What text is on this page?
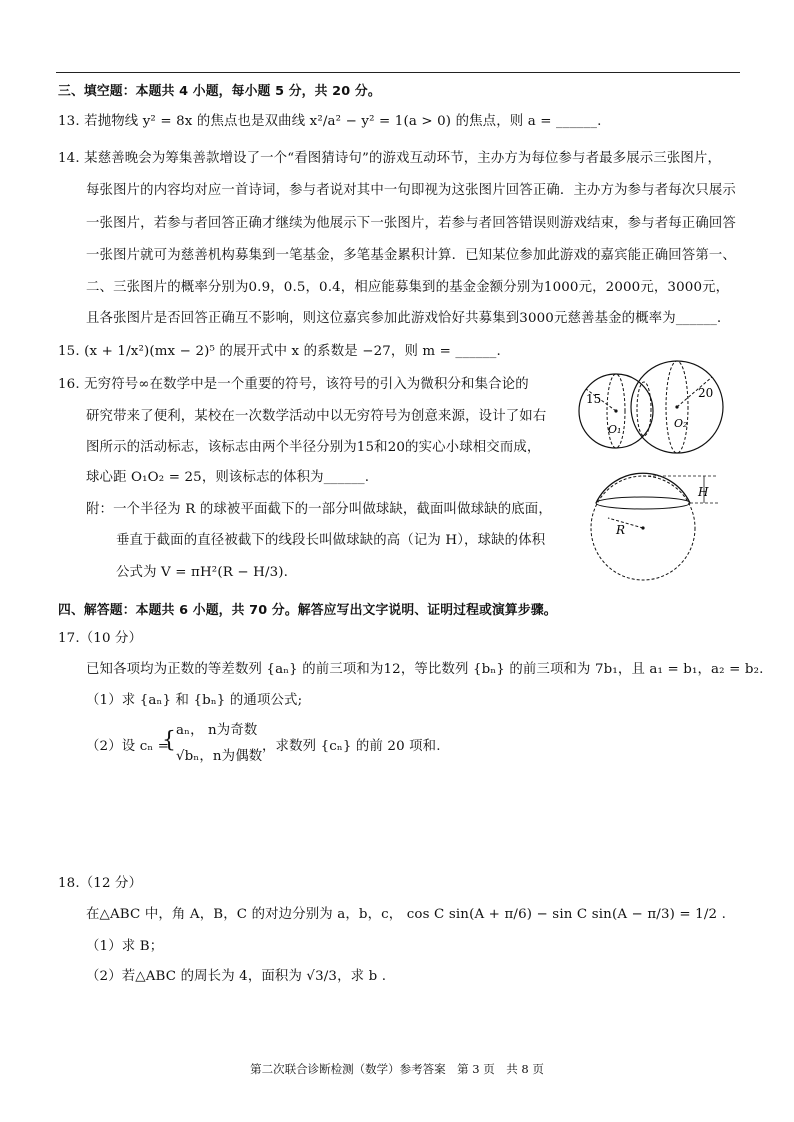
三、填空题：本题共 4 小题，每小题 5 分，共 20 分。
13. 若抛物线 y² = 8x 的焦点也是双曲线 x²/a² − y² = 1(a > 0) 的焦点，则 a = ______.
14. 某慈善晚会为筹集善款增设了一个“看图猜诗句”的游戏互动环节，主办方为每位参与者最多展示三张图片，
每张图片的内容均对应一首诗词，参与者说对其中一句即视为这张图片回答正确．主办方为参与者每次只展示
一张图片，若参与者回答正确才继续为他展示下一张图片，若参与者回答错误则游戏结束，参与者每正确回答
一张图片就可为慈善机构募集到一笔基金，多笔基金累积计算．已知某位参加此游戏的嘉宾能正确回答第一、
二、三张图片的概率分别为0.9，0.5，0.4，相应能募集到的基金金额分别为1000元，2000元，3000元，
且各张图片是否回答正确互不影响，则这位嘉宾参加此游戏恰好共募集到3000元慈善基金的概率为______.
15. (x + 1/x²)(mx − 2)⁵ 的展开式中 x 的系数是 −27，则 m = ______.
16. 无穷符号∞在数学中是一个重要的符号，该符号的引入为微积分和集合论的
研究带来了便利，某校在一次数学活动中以无穷符号为创意来源，设计了如右
图所示的活动标志，该标志由两个半径分别为15和20的实心小球相交而成，
球心距 O₁O₂ = 25，则该标志的体积为______.
附：一个半径为 R 的球被平面截下的一部分叫做球缺，截面叫做球缺的底面，
垂直于截面的直径被截下的线段长叫做球缺的高（记为 H），球缺的体积
公式为 V = πH²(R − H/3).
15	20
O₁	O₂
H
R
四、解答题：本题共 6 小题，共 70 分。解答应写出文字说明、证明过程或演算步骤。
17.（10 分）
已知各项均为正数的等差数列 {aₙ} 的前三项和为12，等比数列 {bₙ} 的前三项和为 7b₁，且 a₁ = b₁，a₂ = b₂.
（1）求 {aₙ} 和 {bₙ} 的通项公式;
（2）设 cₙ =
{ aₙ， n为奇数
√bₙ，n为偶数
，求数列 {cₙ} 的前 20 项和.
18.（12 分）
在△ABC 中，角 A，B，C 的对边分别为 a，b，c， cos C sin(A + π/6) − sin C sin(A − π/3) = 1/2 .
（1）求 B；
（2）若△ABC 的周长为 4，面积为 √3/3，求 b .
第二次联合诊断检测（数学）参考答案　第 3 页　共 8 页
